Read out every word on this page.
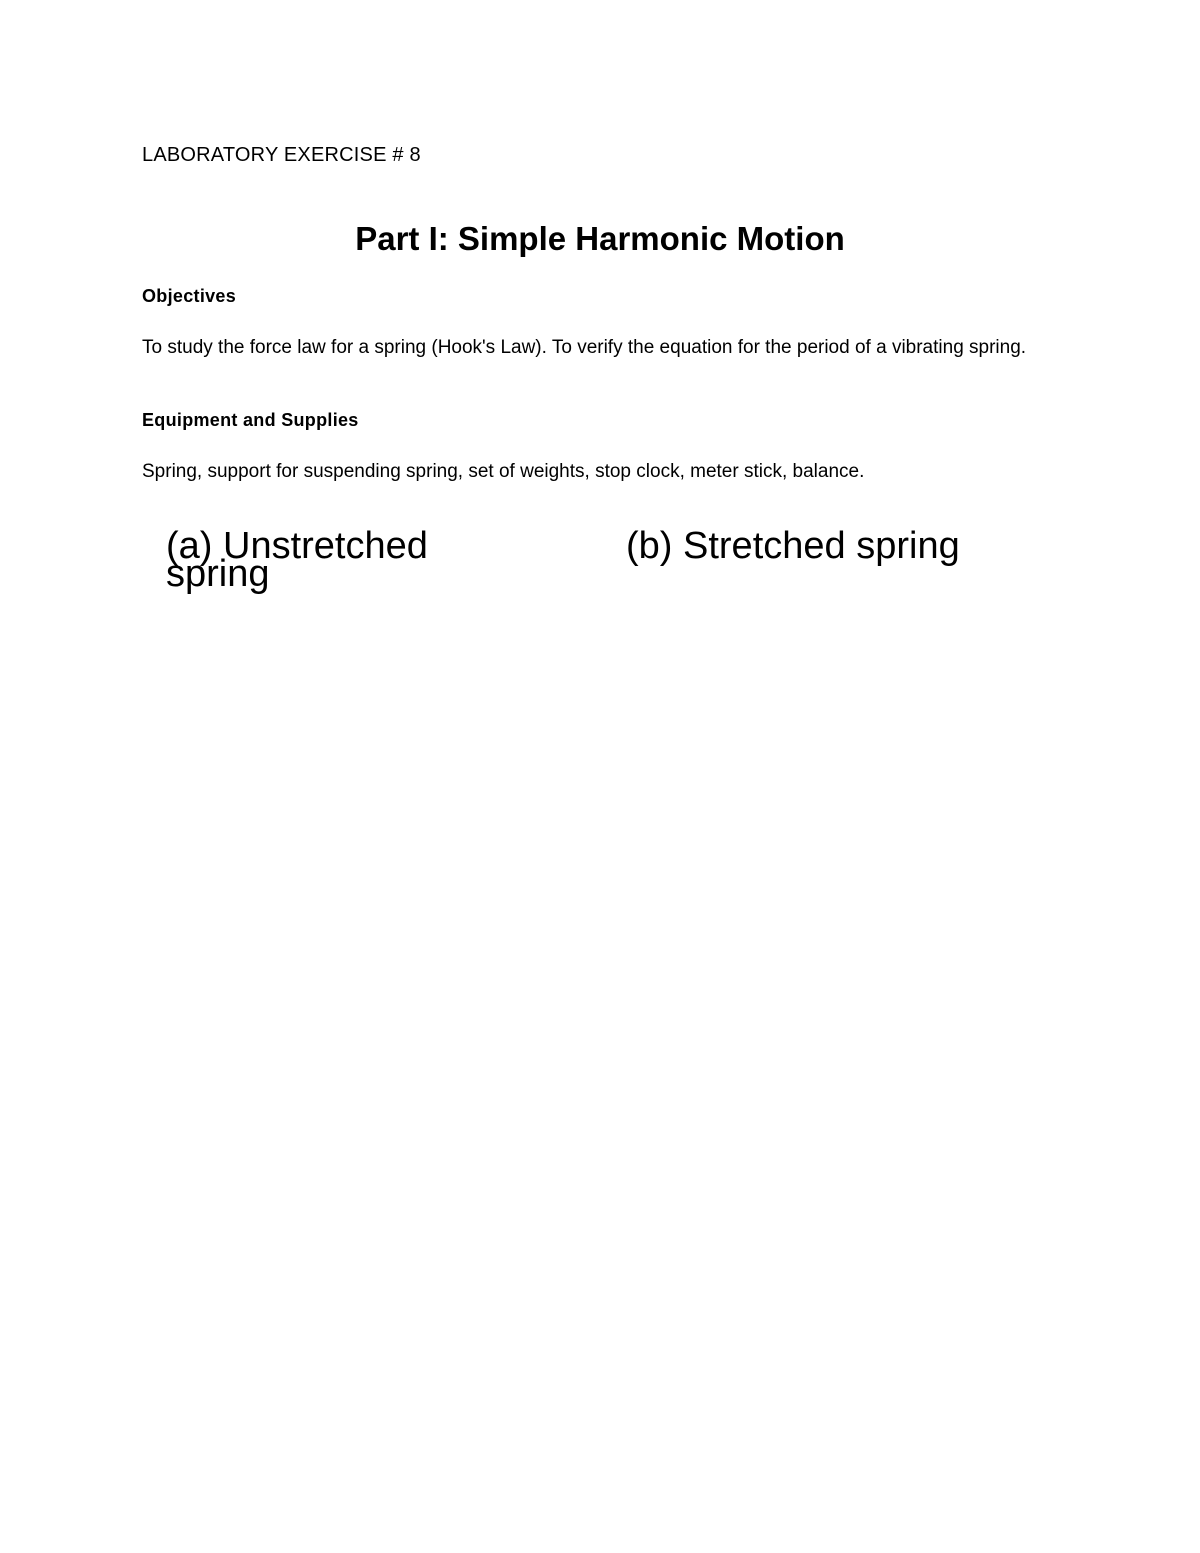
LABORATORY EXERCISE # 8
Part I: Simple Harmonic Motion
Objectives
To study the force law for a spring (Hook's Law). To verify the equation for the period of a vibrating spring.
Equipment and Supplies
Spring, support for suspending spring, set of weights, stop clock, meter stick, balance.
(a) Unstretched spring
(b) Stretched spring
